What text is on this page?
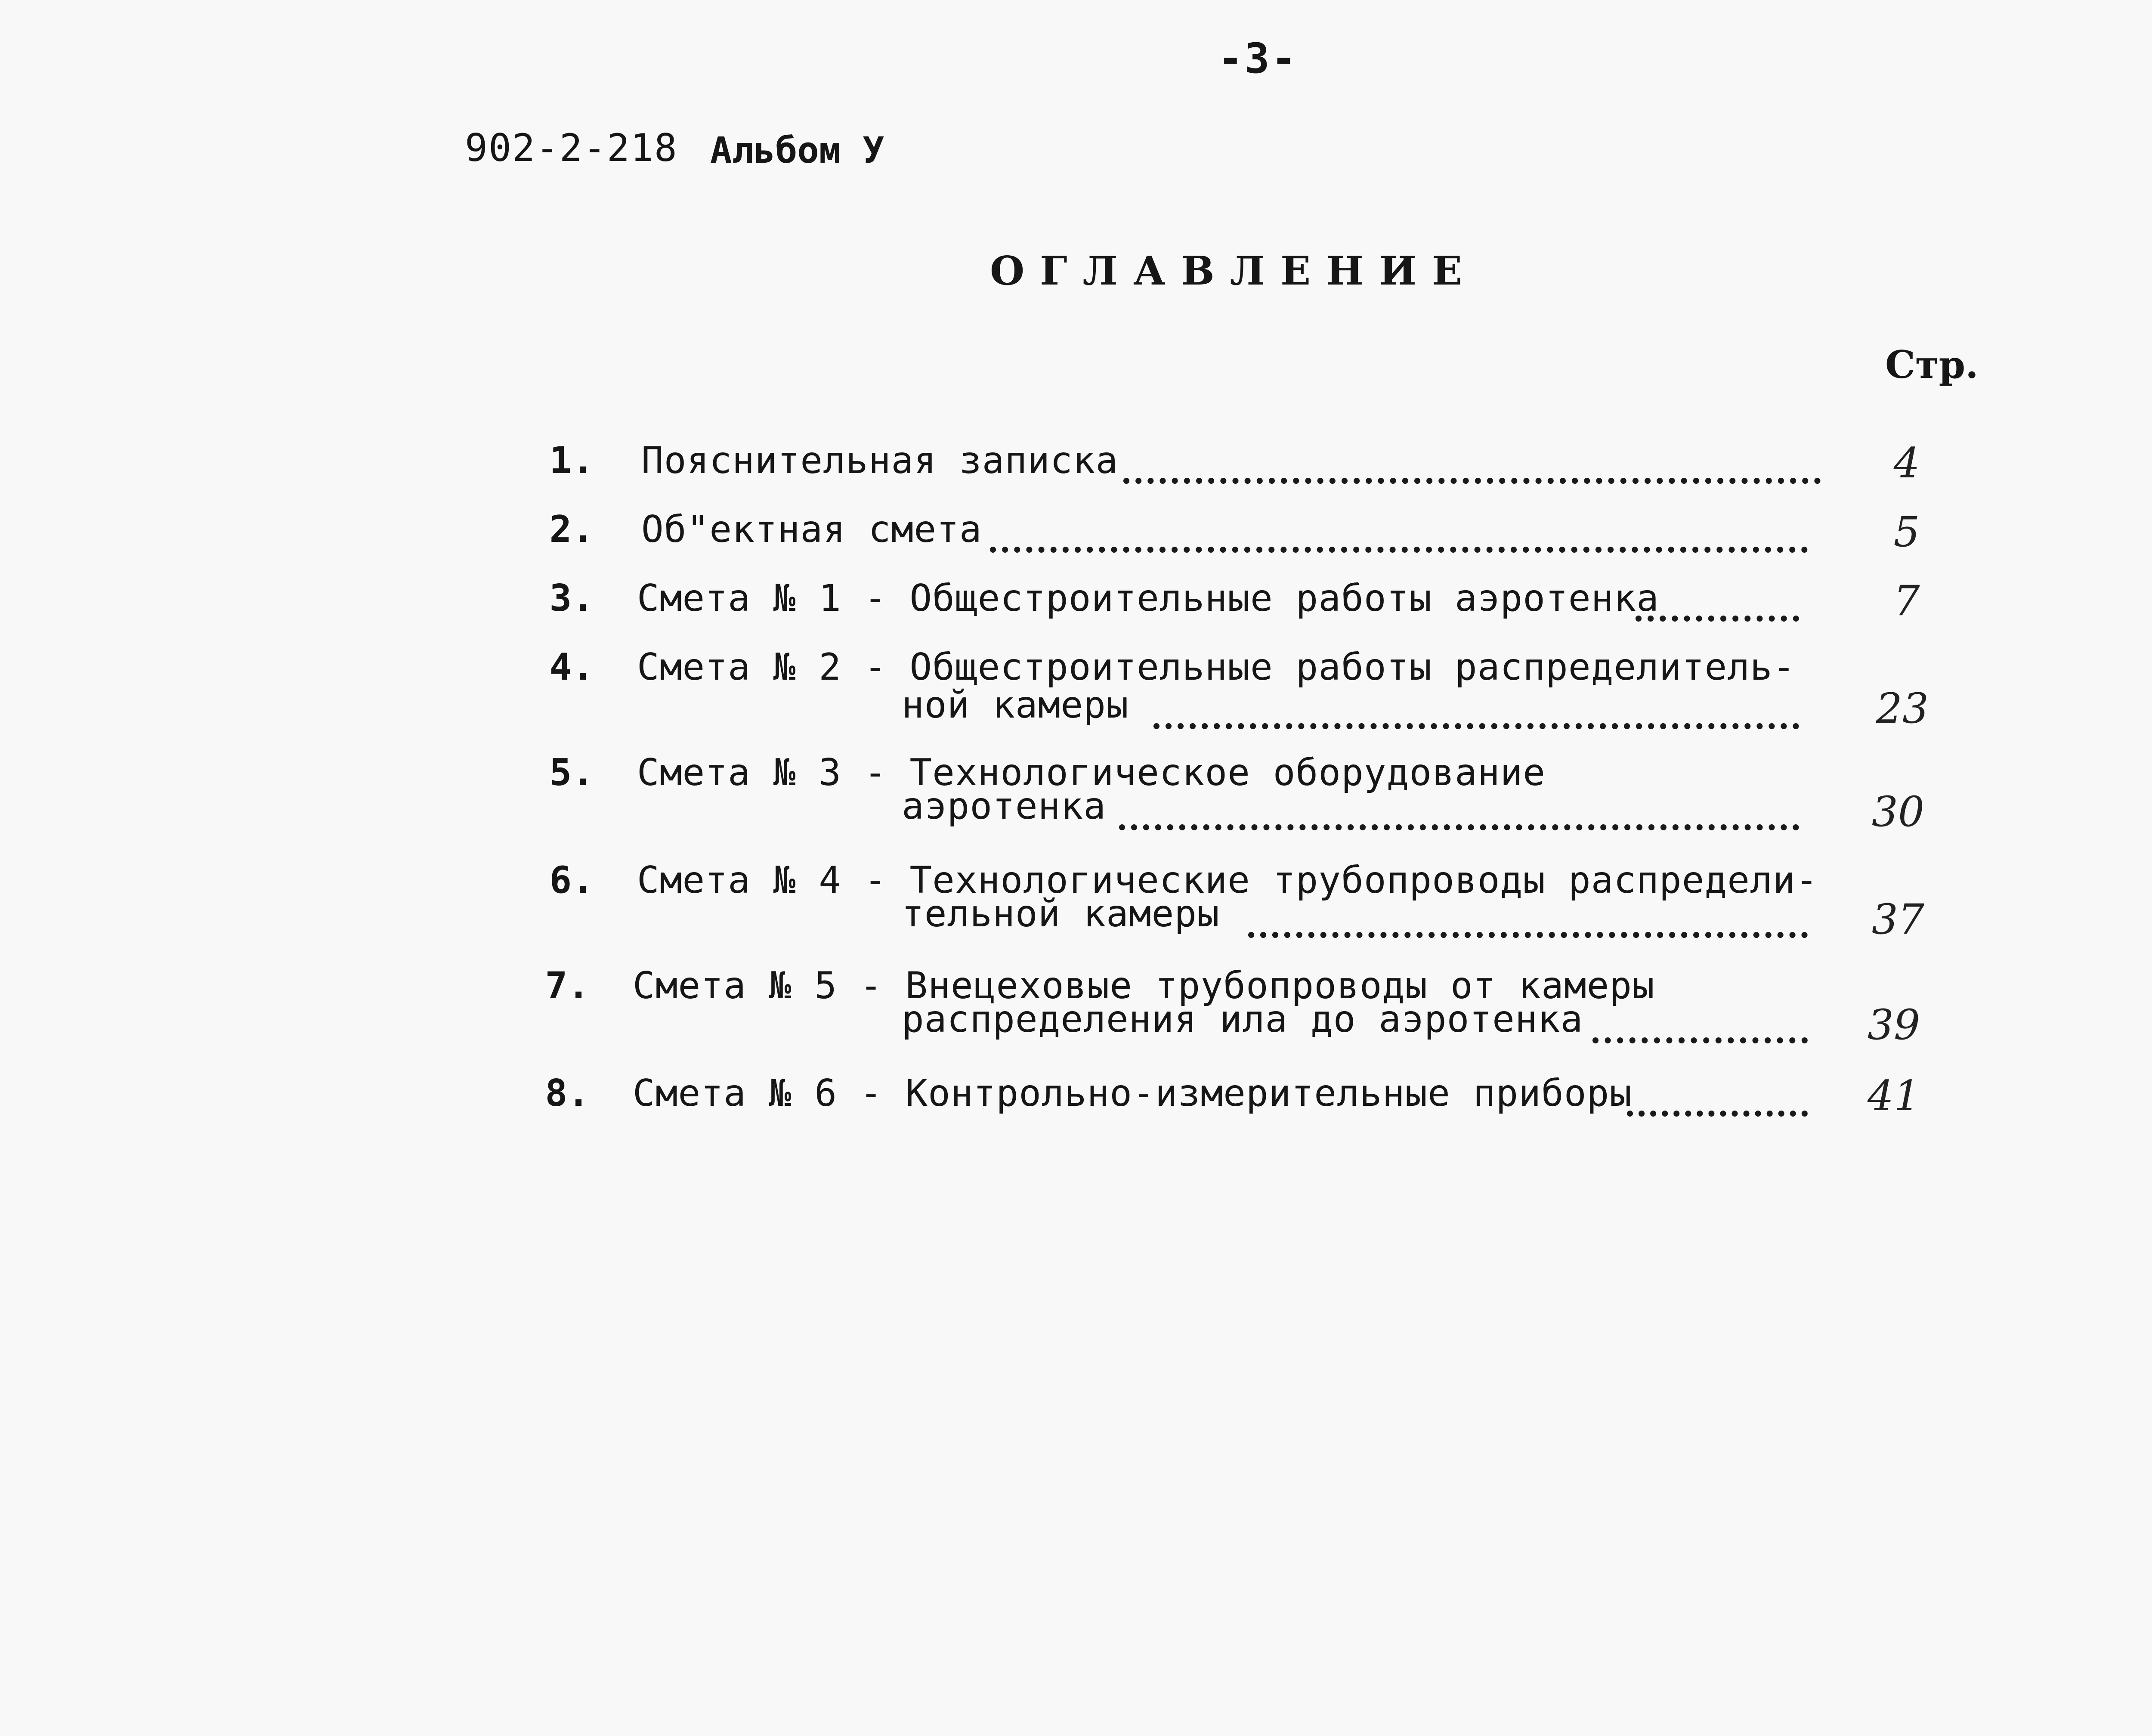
-3-
902-2-218 Альбом У
ОГЛАВЛЕНИЕ
Стр.
1. Пояснительная записка	4
2. Об"ектная смета	5
3. Смета № 1 - Общестроительные работы аэротенка	7
4. Смета № 2 - Общестроительные работы распределитель-
ной камеры	23
5. Смета № 3 - Технологическое оборудование
аэротенка	30
6. Смета № 4 - Технологические трубопроводы распредели-
тельной камеры	37
7. Смета № 5 - Внецеховые трубопроводы от камеры
распределения ила до аэротенка	39
8. Смета № 6 - Контрольно-измерительные приборы	41
